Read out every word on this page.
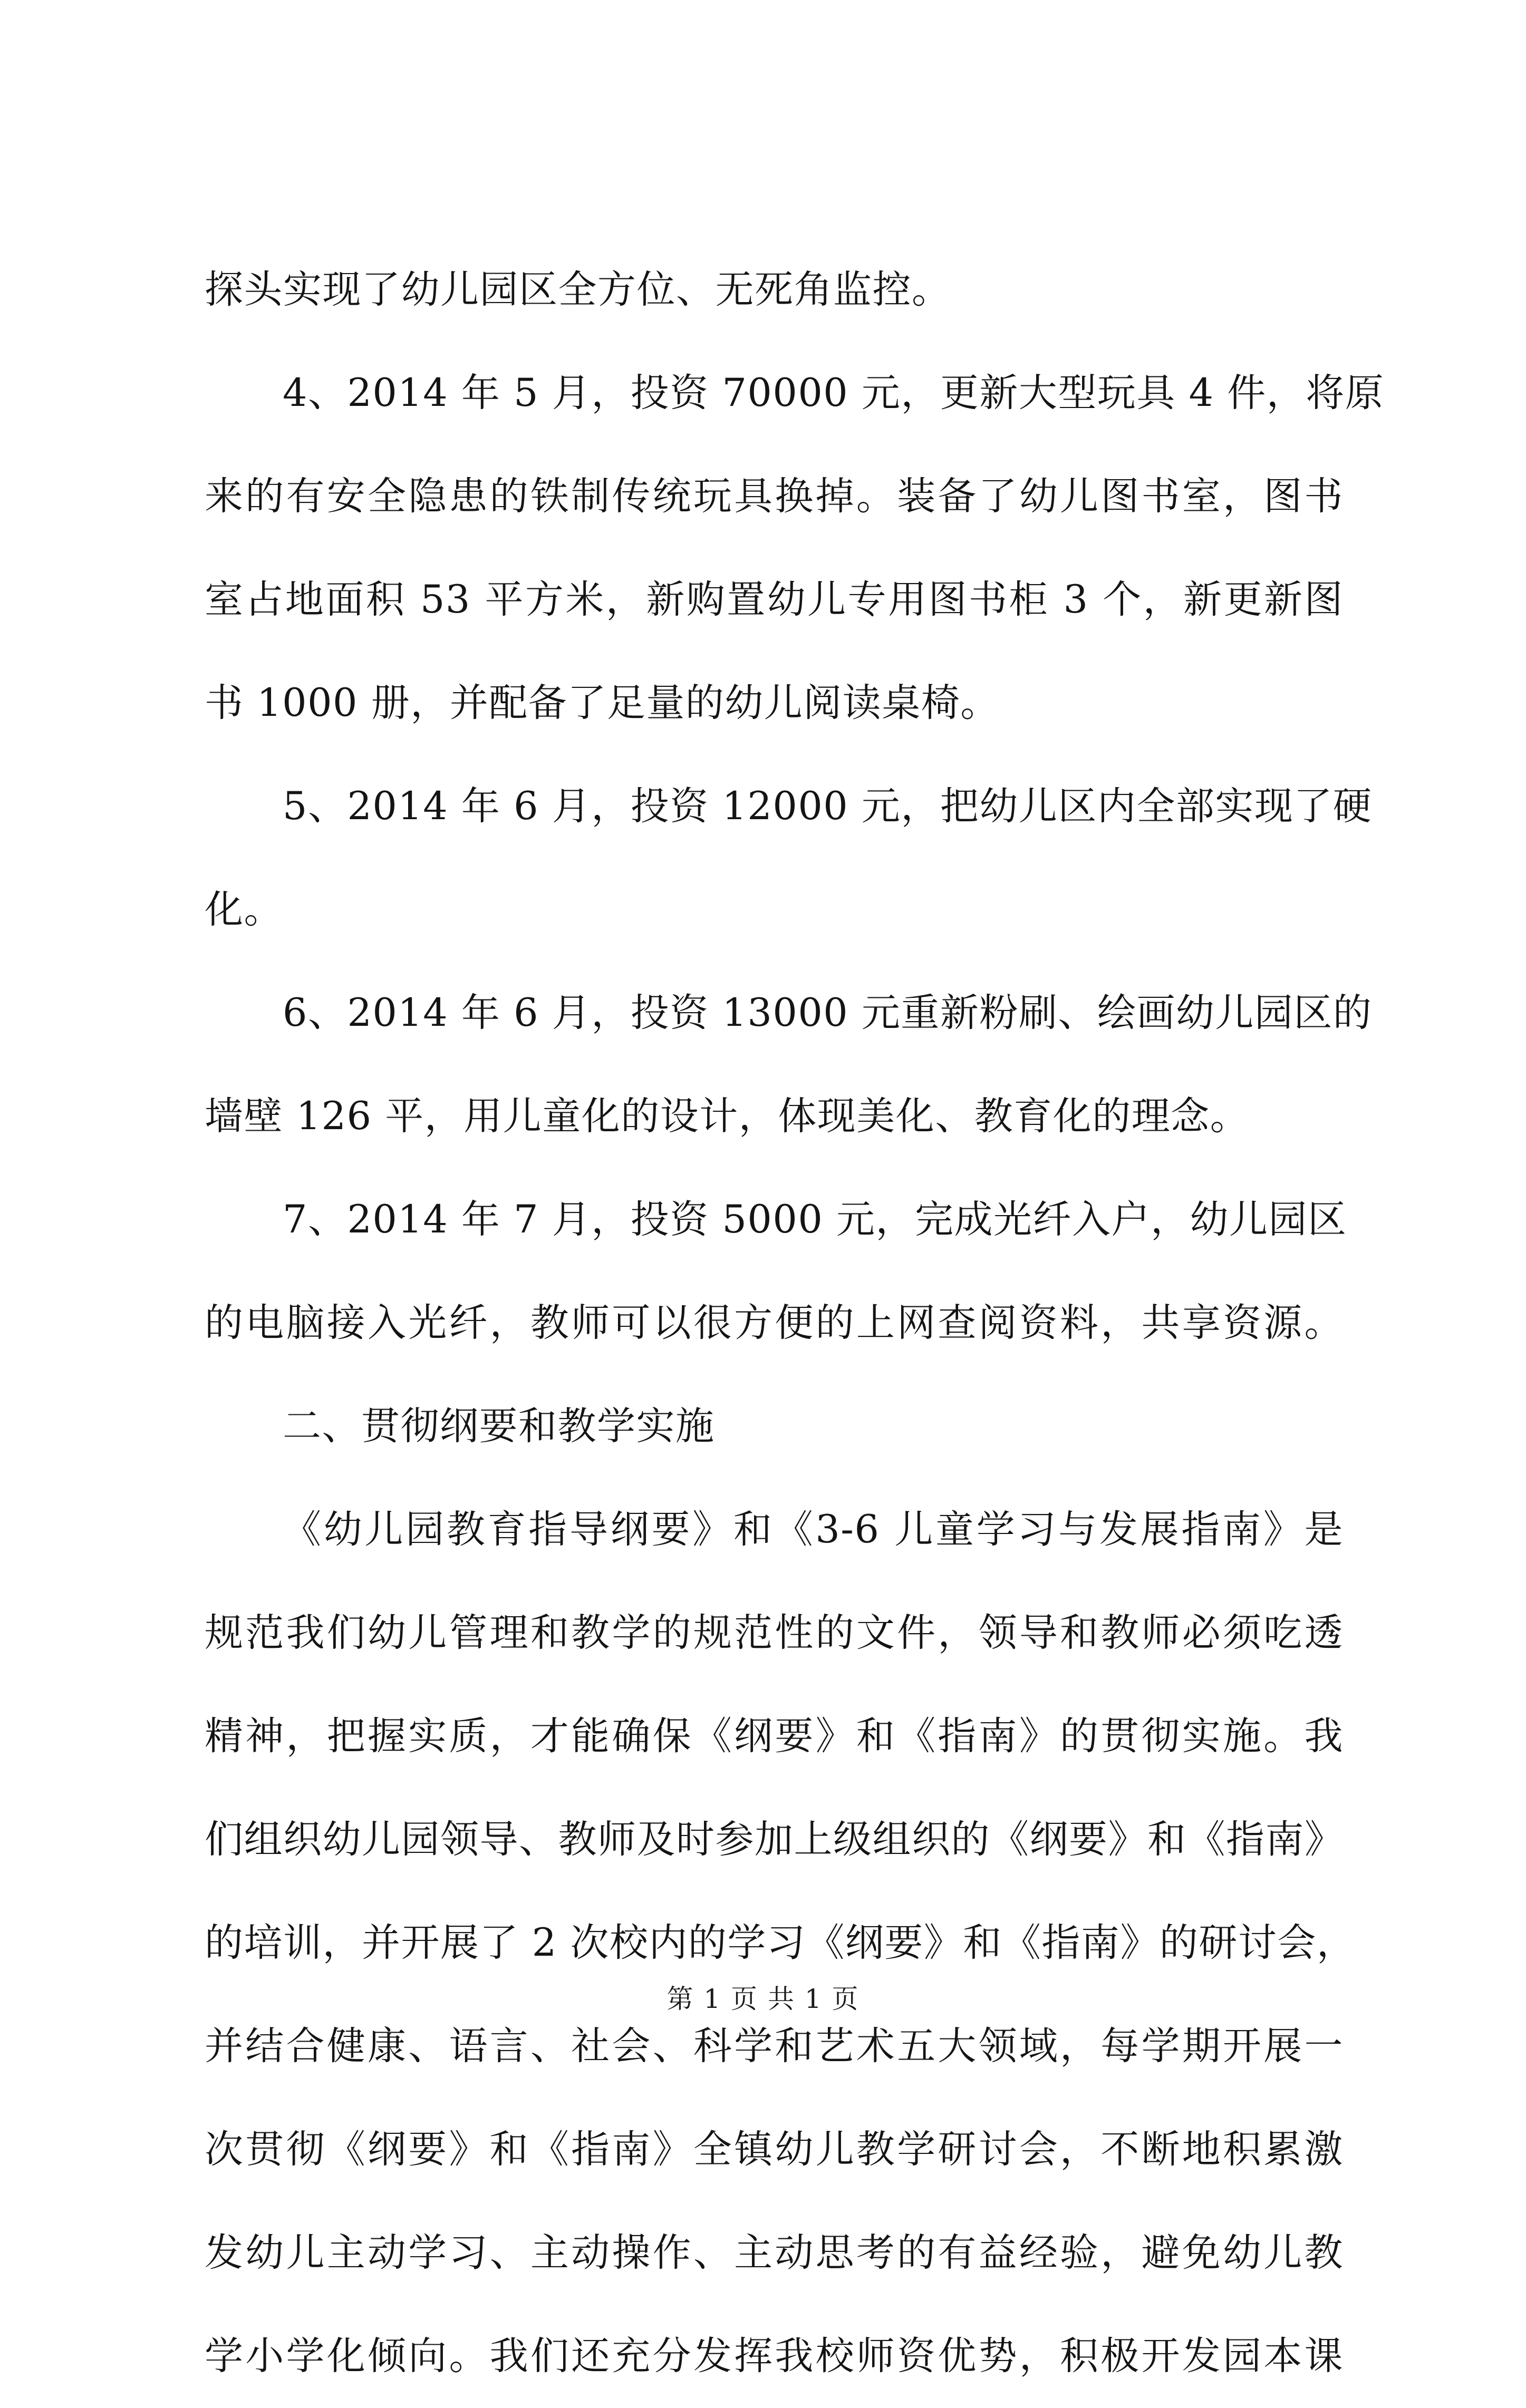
探头实现了幼儿园区全方位、无死角监控。
4、2014 年 5 月，投资 70000 元，更新大型玩具 4 件，将原
来的有安全隐患的铁制传统玩具换掉。装备了幼儿图书室，图书
室占地面积 53 平方米，新购置幼儿专用图书柜 3 个，新更新图
书 1000 册，并配备了足量的幼儿阅读桌椅。
5、2014 年 6 月，投资 12000 元，把幼儿区内全部实现了硬
化。
6、2014 年 6 月，投资 13000 元重新粉刷、绘画幼儿园区的
墙壁 126 平，用儿童化的设计，体现美化、教育化的理念。
7、2014 年 7 月，投资 5000 元，完成光纤入户，幼儿园区
的电脑接入光纤，教师可以很方便的上网查阅资料，共享资源。
二、贯彻纲要和教学实施
《幼儿园教育指导纲要》和《3-6 儿童学习与发展指南》是
规范我们幼儿管理和教学的规范性的文件，领导和教师必须吃透
精神，把握实质，才能确保《纲要》和《指南》的贯彻实施。我
们组织幼儿园领导、教师及时参加上级组织的《纲要》和《指南》
的培训，并开展了 2 次校内的学习《纲要》和《指南》的研讨会，
并结合健康、语言、社会、科学和艺术五大领域，每学期开展一
次贯彻《纲要》和《指南》全镇幼儿教学研讨会，不断地积累激
发幼儿主动学习、主动操作、主动思考的有益经验，避免幼儿教
学小学化倾向。我们还充分发挥我校师资优势，积极开发园本课
第 1 页 共 1 页
